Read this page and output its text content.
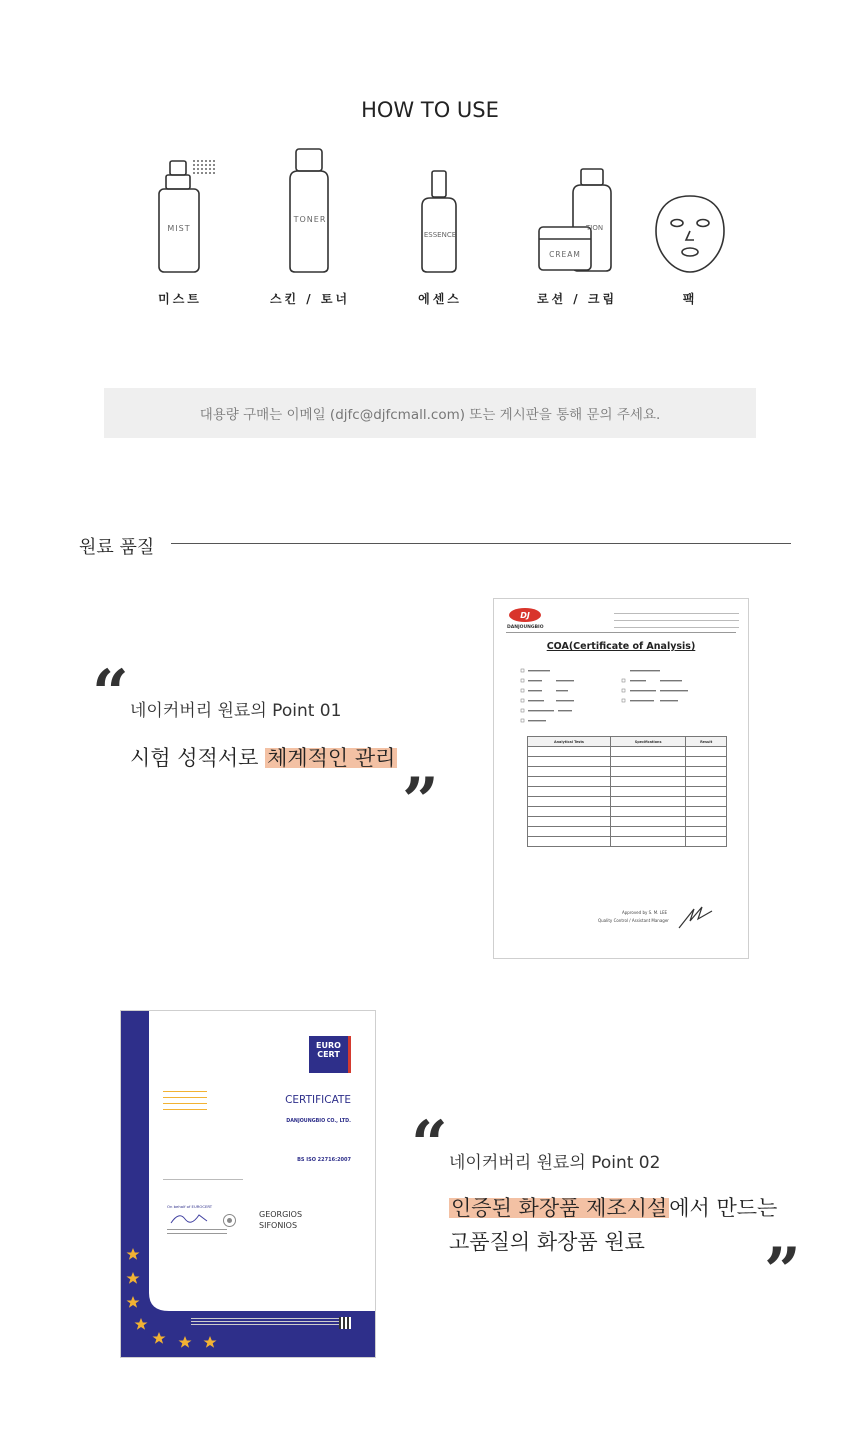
HOW TO USE
MIST
TONER
ESSENCE
TION
CREAM
미스트	스킨 / 토너	에센스	로션 / 크림	팩
대용량 구매는 이메일 (djfc@djfcmall.com) 또는 게시판을 통해 문의 주세요.
원료 품질
“ 네이커버리 원료의 Point 01
시험 성적서로 체계적인 관리
”
DJ
DANJOUNGBIO
COA(Certificate of Analysis)
Analytical Tests	Specifications	Result

Approved by S. M. LEE
Quality Control / Assistant Manager
EURO
CERT
CERTIFICATE
DANJOUNGBIO CO., LTD.
BS ISO 22716:2007
On behalf of EUROCERT
GEORGIOS
SIFONIOS
“ 네이커버리 원료의 Point 02
인증된 화장품 제조시설에서 만드는
고품질의 화장품 원료	”
